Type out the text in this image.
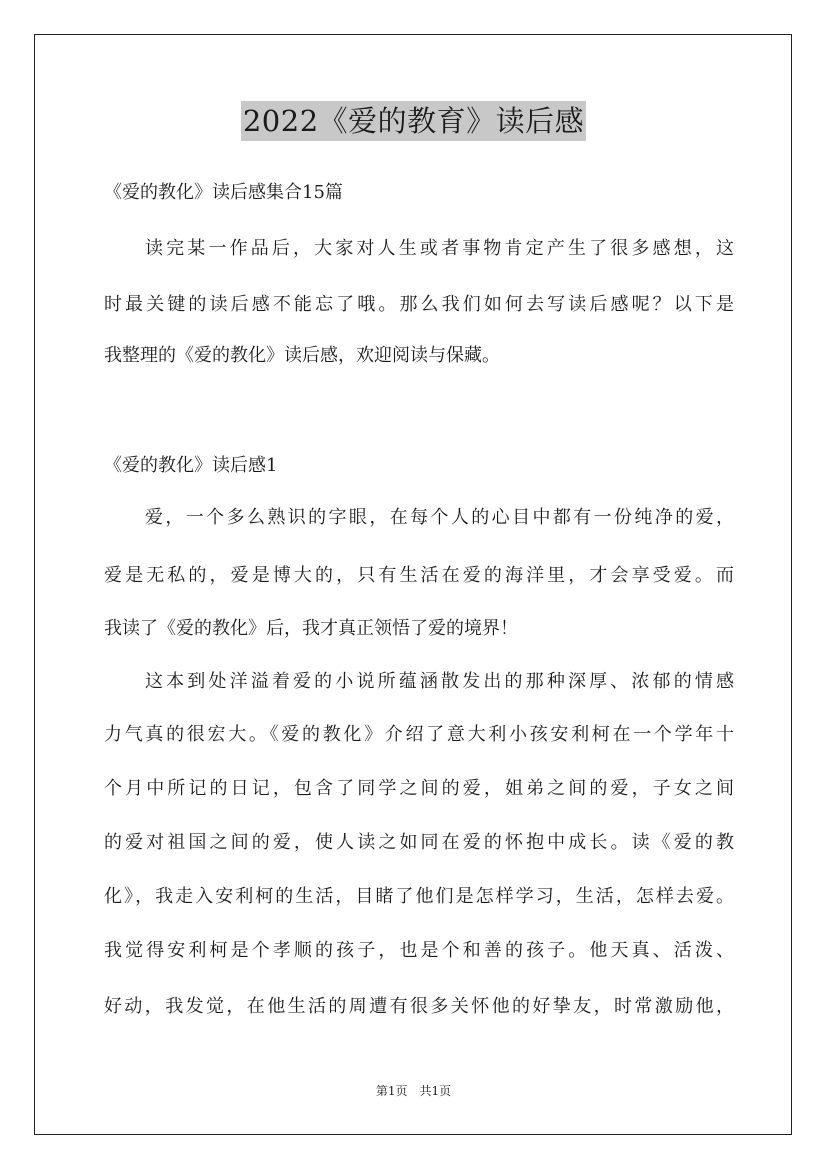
2022《爱的教育》读后感
《爱的教化》读后感集合15篇
读完某一作品后，大家对人生或者事物肯定产生了很多感想，这
时最关键的读后感不能忘了哦。那么我们如何去写读后感呢？以下是
我整理的《爱的教化》读后感，欢迎阅读与保藏。
《爱的教化》读后感1
爱，一个多么熟识的字眼，在每个人的心目中都有一份纯净的爱，
爱是无私的，爱是博大的，只有生活在爱的海洋里，才会享受爱。而
我读了《爱的教化》后，我才真正领悟了爱的境界！
这本到处洋溢着爱的小说所蕴涵散发出的那种深厚、浓郁的情感
力气真的很宏大。《爱的教化》介绍了意大利小孩安利柯在一个学年十
个月中所记的日记，包含了同学之间的爱，姐弟之间的爱，子女之间
的爱对祖国之间的爱，使人读之如同在爱的怀抱中成长。读《爱的教
化》，我走入安利柯的生活，目睹了他们是怎样学习，生活，怎样去爱。
我觉得安利柯是个孝顺的孩子，也是个和善的孩子。他天真、活泼、
好动，我发觉，在他生活的周遭有很多关怀他的好挚友，时常激励他，
第1页　共1页
